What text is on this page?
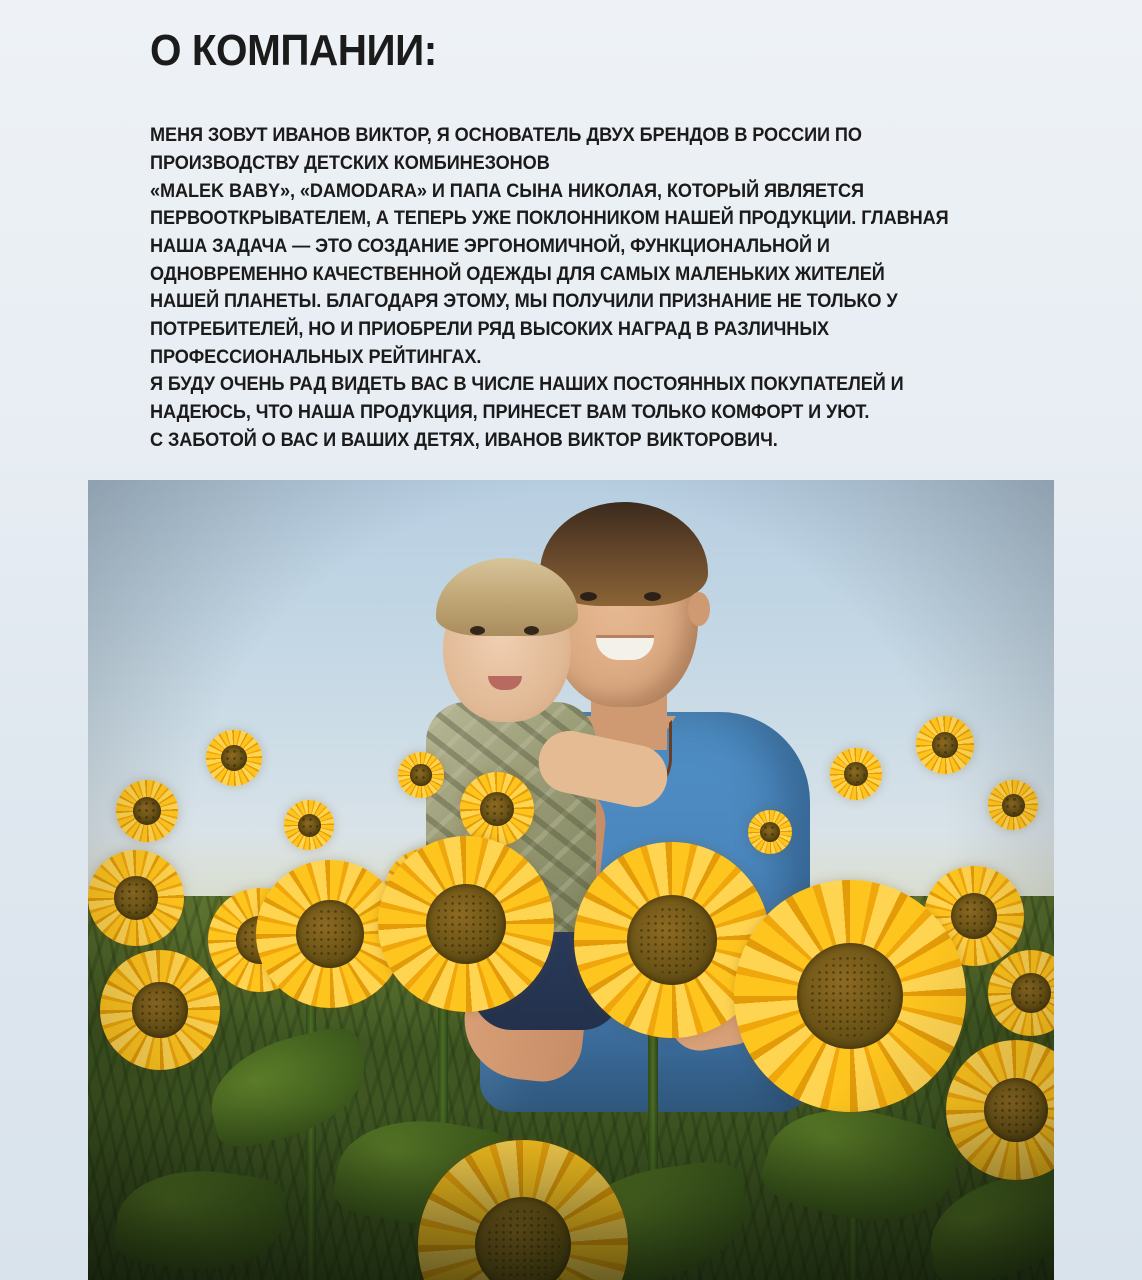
О КОМПАНИИ:

МЕНЯ ЗОВУТ ИВАНОВ ВИКТОР, Я ОСНОВАТЕЛЬ ДВУХ БРЕНДОВ В РОССИИ ПО ПРОИЗВОДСТВУ ДЕТСКИХ КОМБИНЕЗОНОВ

«MALEK BABY», «DAMODARA» И ПАПА СЫНА НИКОЛАЯ, КОТОРЫЙ ЯВЛЯЕТСЯ ПЕРВООТКРЫВАТЕЛЕМ, А ТЕПЕРЬ УЖЕ ПОКЛОННИКОМ НАШЕЙ ПРОДУКЦИИ. ГЛАВНАЯ НАША ЗАДАЧА — ЭТО СОЗДАНИЕ ЭРГОНОМИЧНОЙ, ФУНКЦИОНАЛЬНОЙ И ОДНОВРЕМЕННО КАЧЕСТВЕННОЙ ОДЕЖДЫ ДЛЯ САМЫХ МАЛЕНЬКИХ ЖИТЕЛЕЙ НАШЕЙ ПЛАНЕТЫ. БЛАГОДАРЯ ЭТОМУ, МЫ ПОЛУЧИЛИ ПРИЗНАНИЕ НЕ ТОЛЬКО У ПОТРЕБИТЕЛЕЙ, НО И ПРИОБРЕЛИ РЯД ВЫСОКИХ НАГРАД В РАЗЛИЧНЫХ ПРОФЕССИОНАЛЬНЫХ РЕЙТИНГАХ.

Я БУДУ ОЧЕНЬ РАД ВИДЕТЬ ВАС В ЧИСЛЕ НАШИХ ПОСТОЯННЫХ ПОКУПАТЕЛЕЙ И НАДЕЮСЬ, ЧТО НАША ПРОДУКЦИЯ, ПРИНЕСЕТ ВАМ ТОЛЬКО КОМФОРТ И УЮТ.

С ЗАБОТОЙ О ВАС И ВАШИХ ДЕТЯХ, ИВАНОВ ВИКТОР ВИКТОРОВИЧ.
